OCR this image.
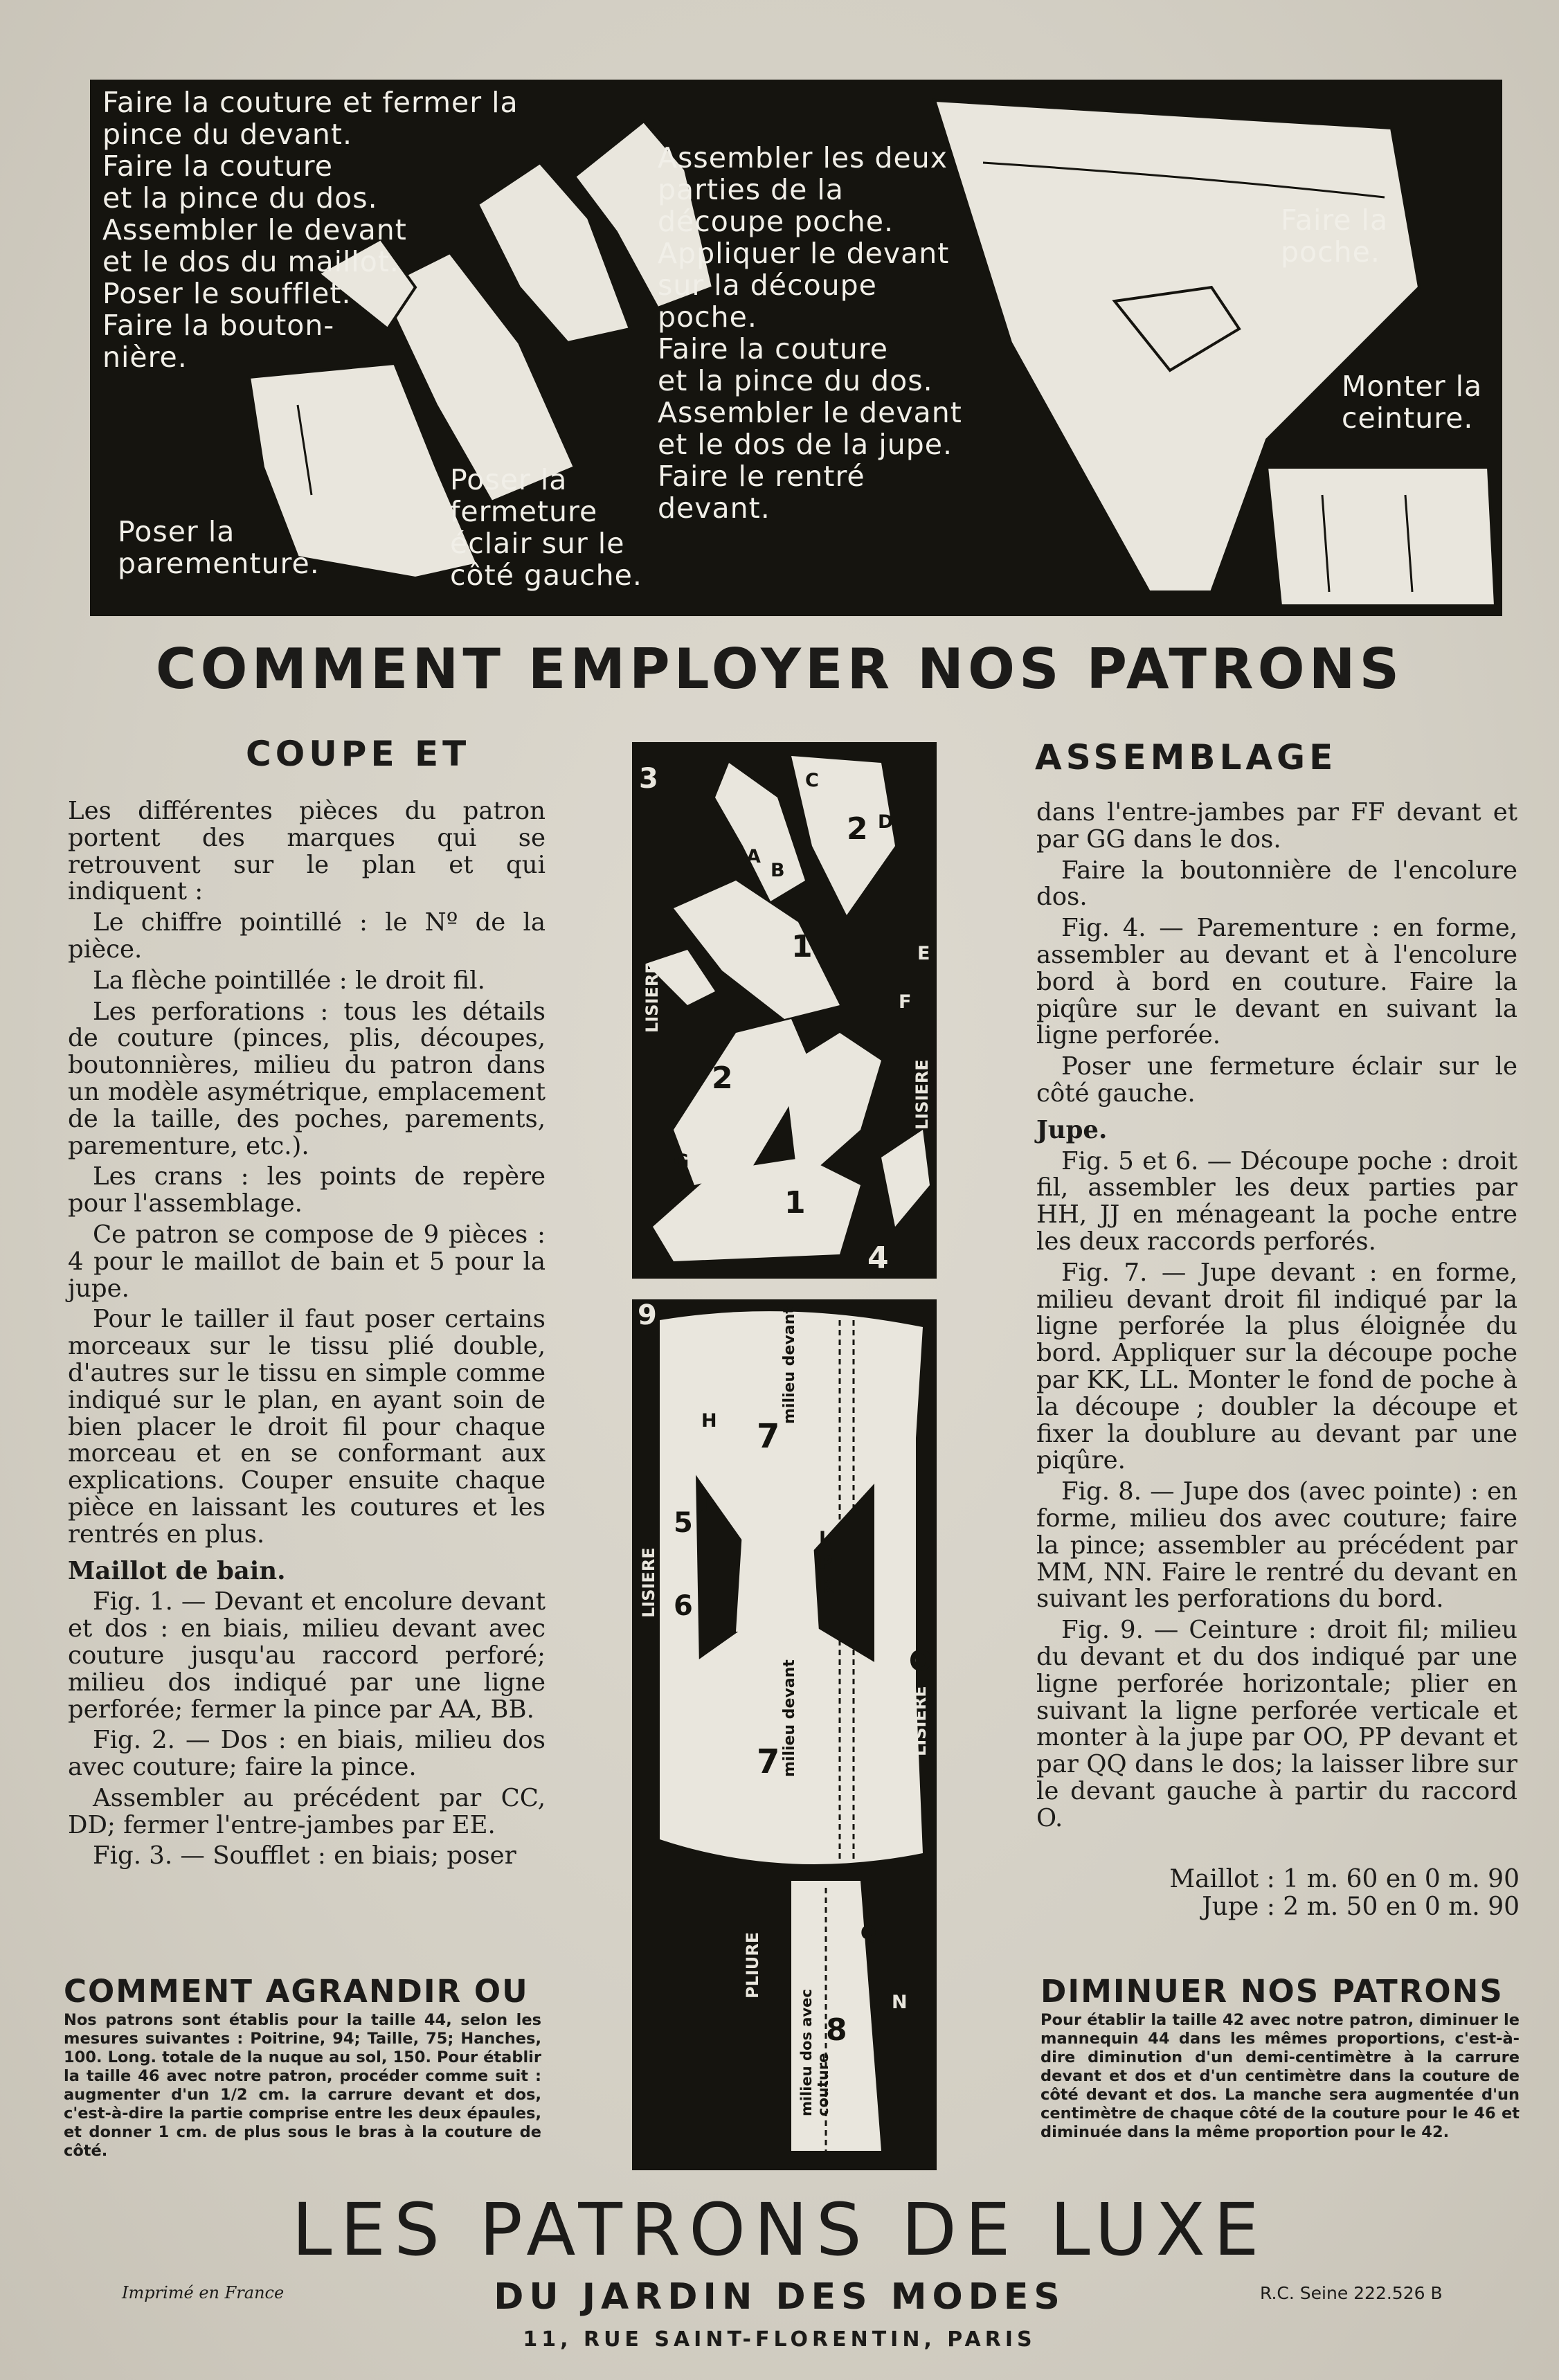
Faire la couture et fermer la
pince du devant.
Faire la couture
et la pince du dos.
Assembler le devant
et le dos du maillot.
Poser le soufflet.
Faire la bouton-
nière.
Poser la
parementure.
Poser la
fermeture
éclair sur le
côté gauche.
Assembler les deux
parties de la
découpe poche.
Appliquer le devant
sur la découpe
poche.
Faire la couture
et la pince du dos.
Assembler le devant
et le dos de la jupe.
Faire le rentré
devant.
Faire la
poche.
Monter la
ceinture.
COMMENT EMPLOYER NOS PATRONS
COUPE ET	ASSEMBLAGE

Les différentes pièces du patron portent des marques qui se retrouvent sur le plan et qui indiquent :

Le chiffre pointillé : le Nº de la pièce.

La flèche pointillée : le droit fil.

Les perforations : tous les détails de couture (pinces, plis, découpes, boutonnières, milieu du patron dans un modèle asymétrique, emplacement de la taille, des poches, parements, parementure, etc.).

Les crans : les points de repère pour l'assemblage.

Ce patron se compose de 9 pièces : 4 pour le maillot de bain et 5 pour la jupe.

Pour le tailler il faut poser certains morceaux sur le tissu plié double, d'autres sur le tissu en simple comme indiqué sur le plan, en ayant soin de bien placer le droit fil pour chaque morceau et en se conformant aux explications. Couper ensuite chaque pièce en laissant les coutures et les rentrés en plus.

Maillot de bain.

Fig. 1. — Devant et encolure devant et dos : en biais, milieu devant avec couture jusqu'au raccord perforé; milieu dos indiqué par une ligne perforée; fermer la pince par AA, BB.

Fig. 2. — Dos : en biais, milieu dos avec couture; faire la pince.

Assembler au précédent par CC, DD; fermer l'entre-jambes par EE.

Fig. 3. — Soufflet : en biais; poser

dans l'entre-jambes par FF devant et par GG dans le dos.

Faire la boutonnière de l'encolure dos.

Fig. 4. — Parementure : en forme, assembler au devant et à l'encolure bord à bord en couture. Faire la piqûre sur le devant en suivant la ligne perforée.

Poser une fermeture éclair sur le côté gauche.

Jupe.

Fig. 5 et 6. — Découpe poche : droit fil, assembler les deux parties par HH, JJ en ménageant la poche entre les deux raccords perforés.

Fig. 7. — Jupe devant : en forme, milieu devant droit fil indiqué par la ligne perforée la plus éloignée du bord. Appliquer sur la découpe poche par KK, LL. Monter le fond de poche à la découpe ; doubler la découpe et fixer la doublure au devant par une piqûre.

Fig. 8. — Jupe dos (avec pointe) : en forme, milieu dos avec couture; faire la pince; assembler au précédent par MM, NN. Faire le rentré du devant en suivant les perforations du bord.

Fig. 9. — Ceinture : droit fil; milieu du devant et du dos indiqué par une ligne perforée horizontale; plier en suivant la ligne perforée verticale et monter à la jupe par OO, PP devant et par QQ dans le dos; la laisser libre sur le devant gauche à partir du raccord O.

Maillot : 1 m. 60 en 0 m. 90
Jupe : 2 m. 50 en 0 m. 90
3
2
1
4
2
1
4
LISIERE
LISIERE
A
B
C
D
E
F
G
9
7
7
5
6
8
milieu devant
milieu devant
milieu dos avec couture
LISIERE
LISIERE
PLIURE
H
J
L
P
K
M
N
N
Q
O
COMMENT AGRANDIR OU
Nos patrons sont établis pour la taille 44, selon les mesures suivantes : Poitrine, 94; Taille, 75; Hanches, 100. Long. totale de la nuque au sol, 150. Pour établir la taille 46 avec notre patron, procéder comme suit : augmenter d'un 1/2 cm. la carrure devant et dos, c'est-à-dire la partie comprise entre les deux épaules, et donner 1 cm. de plus sous le bras à la couture de côté.
DIMINUER NOS PATRONS
Pour établir la taille 42 avec notre patron, diminuer le mannequin 44 dans les mêmes proportions, c'est-à-dire diminution d'un demi-centimètre à la carrure devant et dos et d'un centimètre dans la couture de côté devant et dos. La manche sera augmentée d'un centimètre de chaque côté de la couture pour le 46 et diminuée dans la même proportion pour le 42.
LES PATRONS DE LUXE
DU JARDIN DES MODES
11, RUE SAINT-FLORENTIN, PARIS
Imprimé en France	R.C. Seine 222.526 B
